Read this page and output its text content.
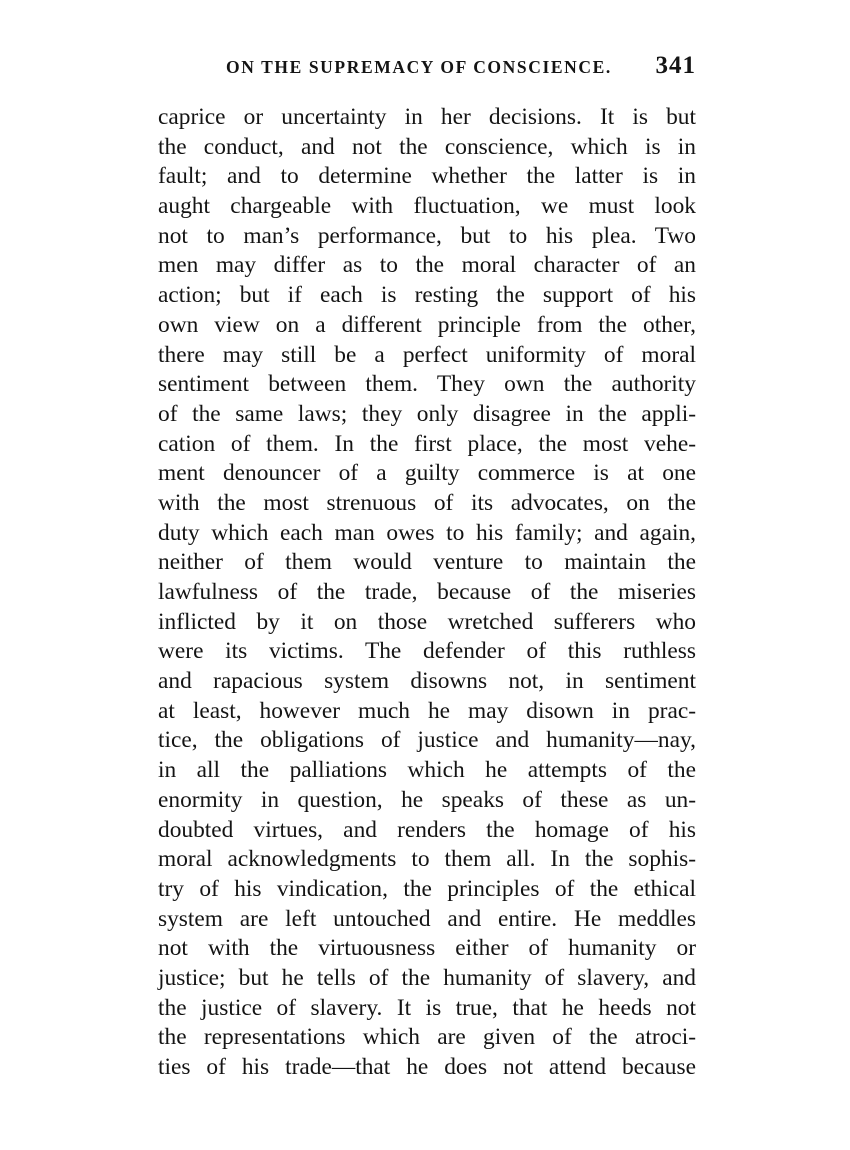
ON THE SUPREMACY OF CONSCIENCE. 341
caprice or uncertainty in her decisions. It is but
the conduct, and not the conscience, which is in
fault; and to determine whether the latter is in
aught chargeable with fluctuation, we must look
not to man’s performance, but to his plea. Two
men may differ as to the moral character of an
action; but if each is resting the support of his
own view on a different principle from the other,
there may still be a perfect uniformity of moral
sentiment between them. They own the authority
of the same laws; they only disagree in the appli-
cation of them. In the first place, the most vehe-
ment denouncer of a guilty commerce is at one
with the most strenuous of its advocates, on the
duty which each man owes to his family; and again,
neither of them would venture to maintain the
lawfulness of the trade, because of the miseries
inflicted by it on those wretched sufferers who
were its victims. The defender of this ruthless
and rapacious system disowns not, in sentiment
at least, however much he may disown in prac-
tice, the obligations of justice and humanity—nay,
in all the palliations which he attempts of the
enormity in question, he speaks of these as un-
doubted virtues, and renders the homage of his
moral acknowledgments to them all. In the sophis-
try of his vindication, the principles of the ethical
system are left untouched and entire. He meddles
not with the virtuousness either of humanity or
justice; but he tells of the humanity of slavery, and
the justice of slavery. It is true, that he heeds not
the representations which are given of the atroci-
ties of his trade—that he does not attend because
